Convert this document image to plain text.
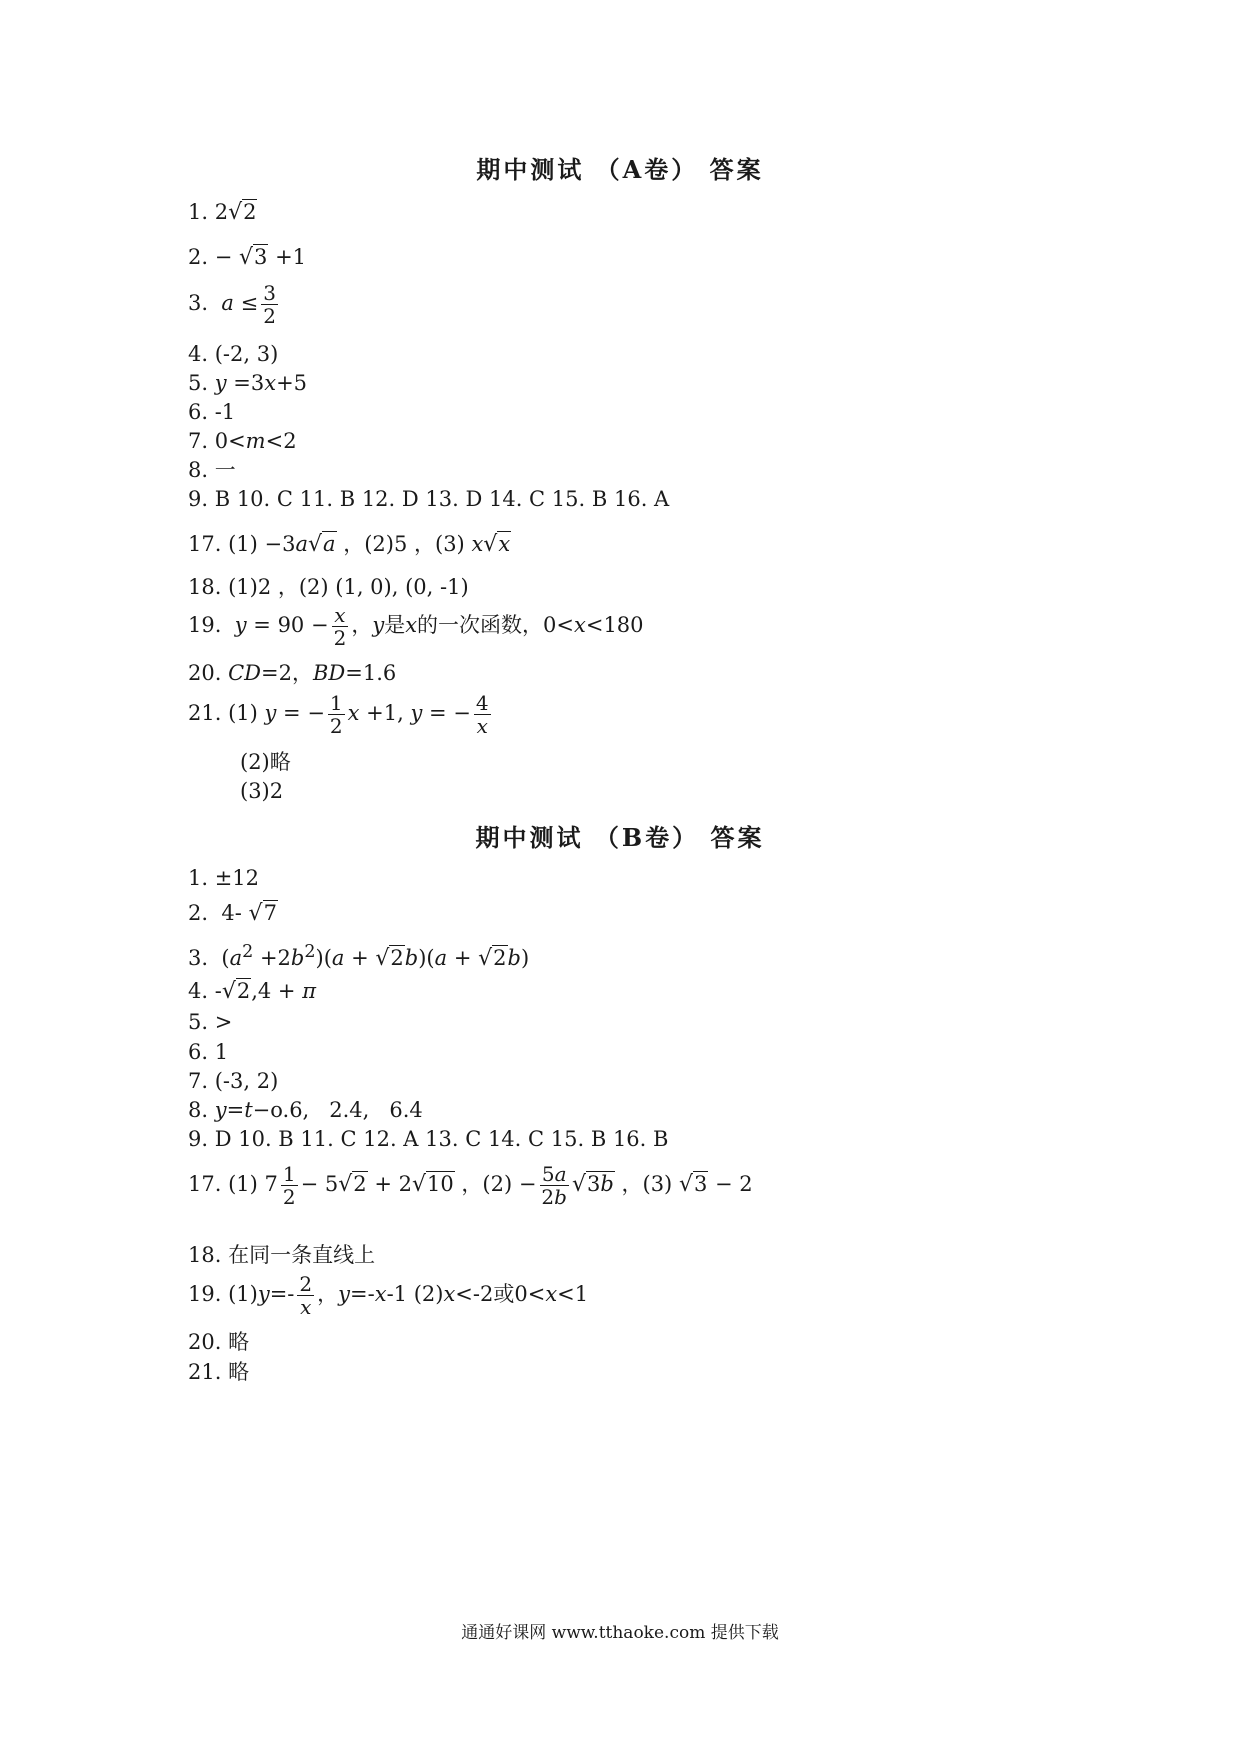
期中测试 （A卷） 答案
1. 2√2
2. − √3 +1
3.  $a \le \frac{3}{2}$
4. (-2, 3)
5. y =3x+5
6. -1
7. 0<m<2
8. 一
9. B 10. C 11. B 12. D 13. D 14. C 15. B 16. A
17. (1) −3a√a ，(2)5 ，(3) x√x
18. (1)2 ，(2) (1, 0), (0, -1)
19.  $y = 90 - \frac{x}{2}$ ，y是x的一次函数，0<x<180
20. CD=2，BD=1.6
21. (1) y = − $\frac{1}{2}$ x +1, y = − $\frac{4}{x}$
(2)略
(3)2
期中测试 （B卷） 答案
1. ±12
2.  4- √7
3.  $(a^2 +2b^2)(a + √2b)(a + √2b)$
4. -√2,4 + π
5. >
6. 1
7. (-3, 2)
8. y=t−o.6,   2.4,   6.4
9. D 10. B 11. C 12. A 13. C 14. C 15. B 16. B
17. (1) $7 \frac{1}{2} - 5√2 + 2√10$ ，$(2) - \frac{5a}{2b} √3b$ ，(3) √3 − 2
18. 在同一条直线上
19. $(1)y=- \frac{2}{x}$ ，y=-x-1 (2)x<-2或0<x<1
20. 略
21. 略
通通好课网 www.tthaoke.com 提供下载
